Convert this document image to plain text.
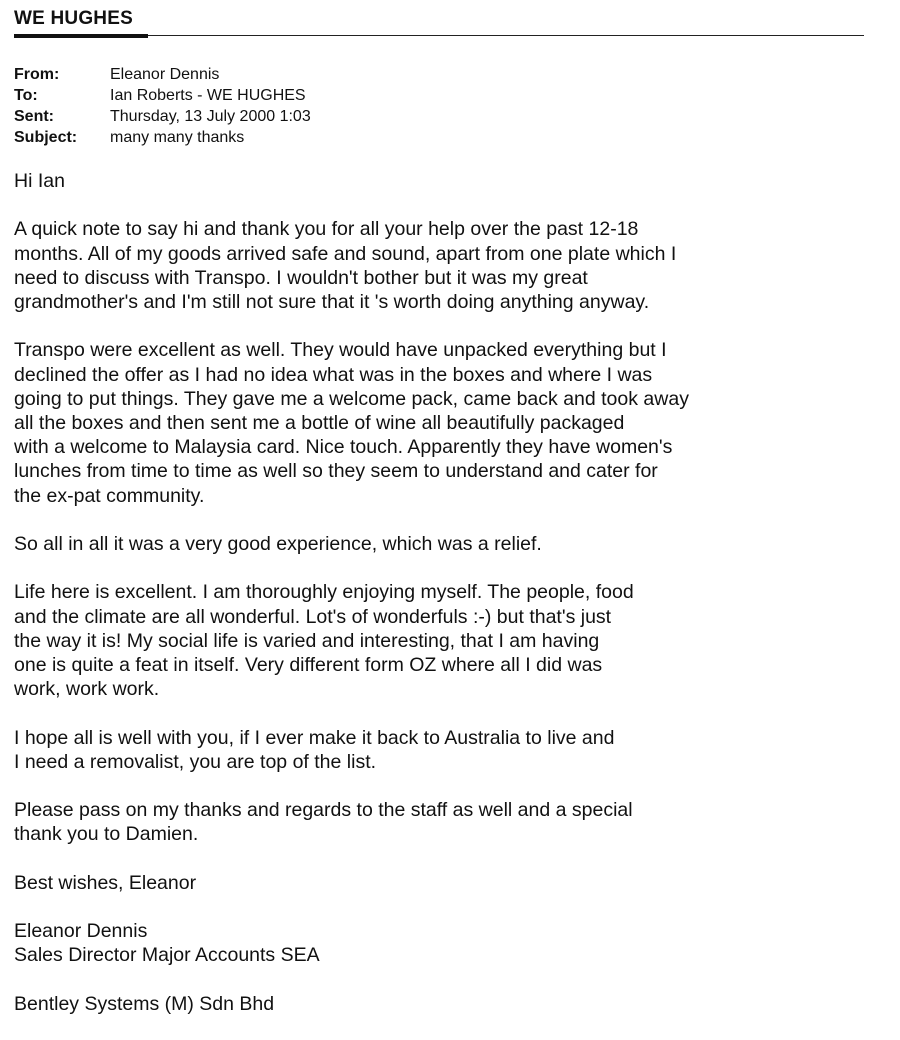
WE HUGHES
From:	Eleanor Dennis
To:	Ian Roberts - WE HUGHES
Sent:	Thursday, 13 July 2000 1:03
Subject:	many many thanks

Hi Ian

A quick note to say hi and thank you for all your help over the past 12-18
months. All of my goods arrived safe and sound, apart from one plate which I
need to discuss with Transpo. I wouldn't bother but it was my great
grandmother's and I'm still not sure that it 's worth doing anything anyway.

Transpo were excellent as well. They would have unpacked everything but I
declined the offer as I had no idea what was in the boxes and where I was
going to put things. They gave me a welcome pack, came back and took away
all the boxes and then sent me a bottle of wine all beautifully packaged
with a welcome to Malaysia card. Nice touch. Apparently they have women's
lunches from time to time as well so they seem to understand and cater for
the ex-pat community.

So all in all it was a very good experience, which was a relief.

Life here is excellent. I am thoroughly enjoying myself. The people, food
and the climate are all wonderful. Lot's of wonderfuls :-) but that's just
the way it is! My social life is varied and interesting, that I am having
one is quite a feat in itself. Very different form OZ where all I did was
work, work work.

I hope all is well with you, if I ever make it back to Australia to live and
I need a removalist, you are top of the list.

Please pass on my thanks and regards to the staff as well and a special
thank you to Damien.

Best wishes, Eleanor

Eleanor Dennis
Sales Director Major Accounts SEA

Bentley Systems (M) Sdn Bhd
